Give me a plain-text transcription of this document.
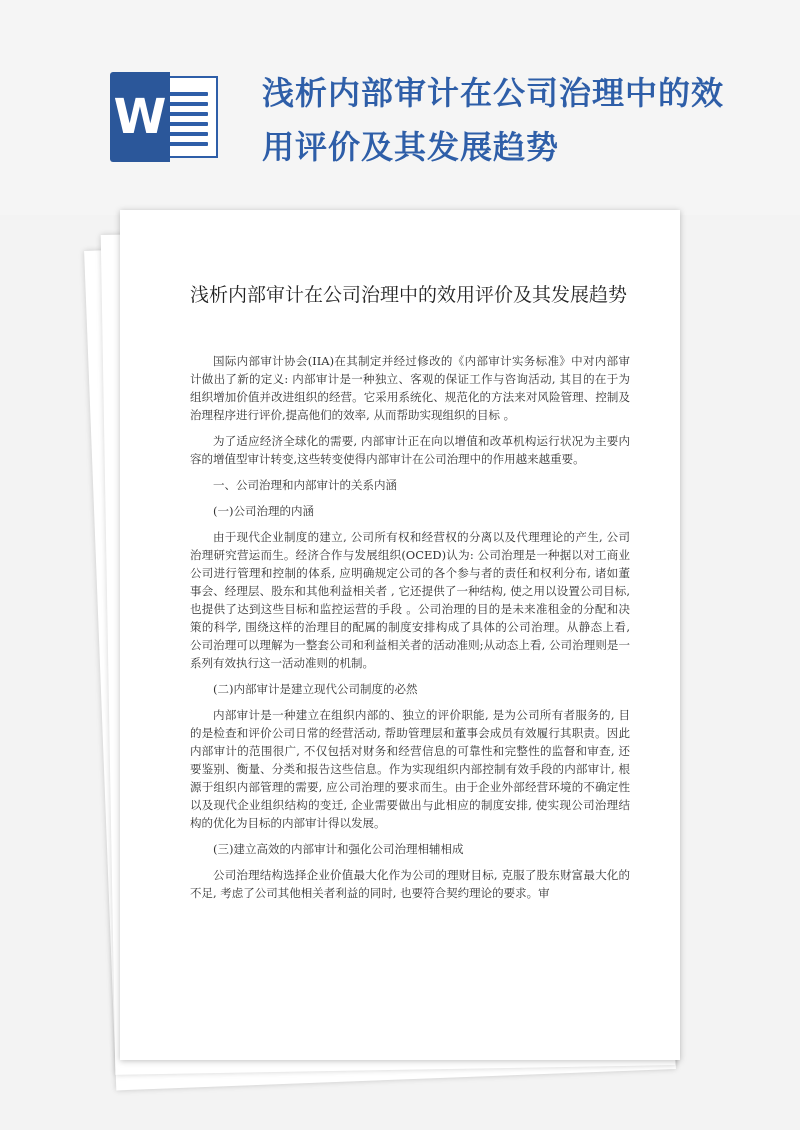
W	浅析内部审计在公司治理中的效用评价及其发展趋势
浅析内部审计在公司治理中的效用评价及其发展趋势

国际内部审计协会(IIA)在其制定并经过修改的《内部审计实务标准》中对内部审计做出了新的定义: 内部审计是一种独立、客观的保证工作与咨询活动, 其目的在于为组织增加价值并改进组织的经营。它采用系统化、规范化的方法来对风险管理、控制及治理程序进行评价,提高他们的效率, 从而帮助实现组织的目标 。

为了适应经济全球化的需要, 内部审计正在向以增值和改革机构运行状况为主要内容的增值型审计转变,这些转变使得内部审计在公司治理中的作用越来越重要。

一、公司治理和内部审计的关系内涵

(一)公司治理的内涵

由于现代企业制度的建立, 公司所有权和经营权的分离以及代理理论的产生, 公司治理研究营运而生。经济合作与发展组织(OCED)认为: 公司治理是一种据以对工商业公司进行管理和控制的体系, 应明确规定公司的各个参与者的责任和权利分布, 诸如董事会、经理层、股东和其他利益相关者 , 它还提供了一种结构, 使之用以设置公司目标, 也提供了达到这些目标和监控运营的手段 。公司治理的目的是未来准租金的分配和决策的科学, 围绕这样的治理目的配属的制度安排构成了具体的公司治理。从静态上看, 公司治理可以理解为一整套公司和利益相关者的活动准则;从动态上看, 公司治理则是一系列有效执行这一活动准则的机制。

(二)内部审计是建立现代公司制度的必然

内部审计是一种建立在组织内部的、独立的评价职能, 是为公司所有者服务的, 目的是检查和评价公司日常的经营活动, 帮助管理层和董事会成员有效履行其职责。因此内部审计的范围很广, 不仅包括对财务和经营信息的可靠性和完整性的监督和审查, 还要鉴别、衡量、分类和报告这些信息。作为实现组织内部控制有效手段的内部审计, 根源于组织内部管理的需要, 应公司治理的要求而生。由于企业外部经营环境的不确定性以及现代企业组织结构的变迁, 企业需要做出与此相应的制度安排, 使实现公司治理结构的优化为目标的内部审计得以发展。

(三)建立高效的内部审计和强化公司治理相辅相成

公司治理结构选择企业价值最大化作为公司的理财目标, 克服了股东财富最大化的不足, 考虑了公司其他相关者利益的同时, 也要符合契约理论的要求。审
